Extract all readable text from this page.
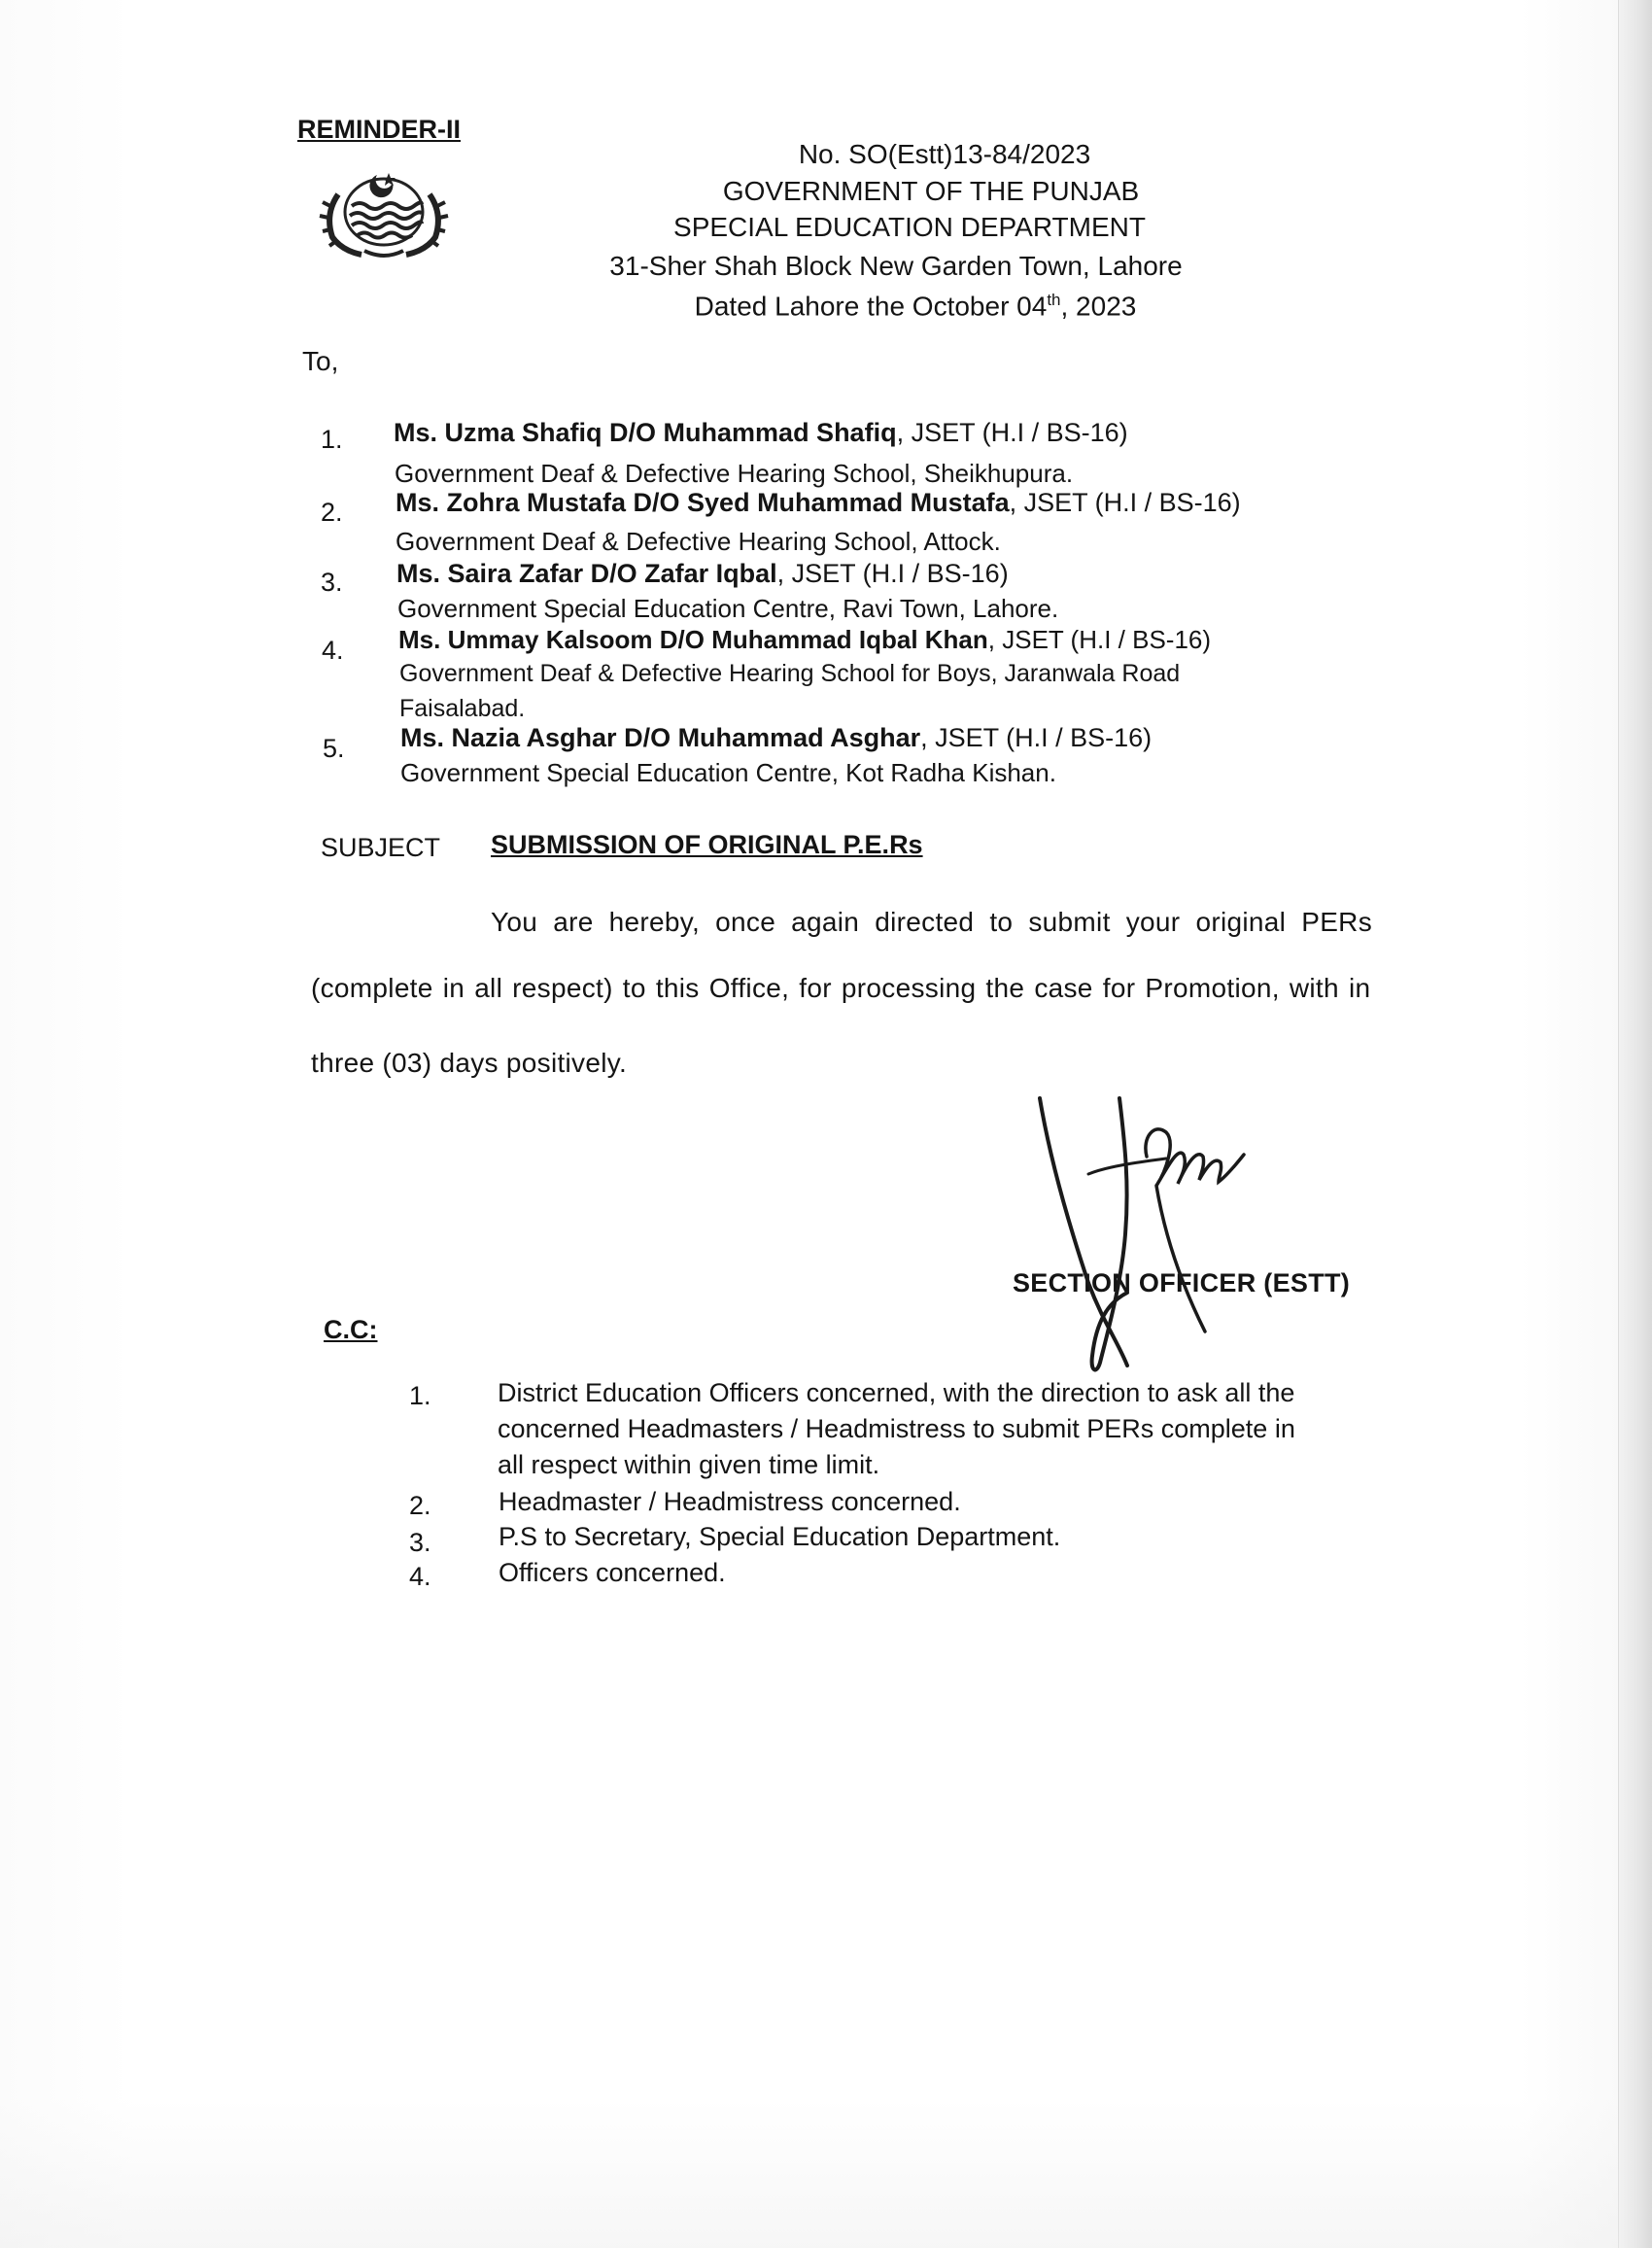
REMINDER-II
No. SO(Estt)13-84/2023
GOVERNMENT OF THE PUNJAB
SPECIAL EDUCATION DEPARTMENT
31-Sher Shah Block New Garden Town, Lahore
Dated Lahore the October 04th, 2023
To,
1. Ms. Uzma Shafiq D/O Muhammad Shafiq, JSET (H.I / BS-16)
Government Deaf & Defective Hearing School, Sheikhupura.
2. Ms. Zohra Mustafa D/O Syed Muhammad Mustafa, JSET (H.I / BS-16)
Government Deaf & Defective Hearing School, Attock.
3. Ms. Saira Zafar D/O Zafar Iqbal, JSET (H.I / BS-16)
Government Special Education Centre, Ravi Town, Lahore.
4. Ms. Ummay Kalsoom D/O Muhammad Iqbal Khan, JSET (H.I / BS-16)
Government Deaf & Defective Hearing School for Boys, Jaranwala Road
Faisalabad.
5. Ms. Nazia Asghar D/O Muhammad Asghar, JSET (H.I / BS-16)
Government Special Education Centre, Kot Radha Kishan.
SUBJECT SUBMISSION OF ORIGINAL P.E.Rs
You are hereby, once again directed to submit your original PERs
(complete in all respect) to this Office, for processing the case for Promotion, with in
three (03) days positively.
SECTION OFFICER (ESTT)
C.C:
1.	District Education Officers concerned, with the direction to ask all the
concerned Headmasters / Headmistress to submit PERs complete in
all respect within given time limit.
2.	Headmaster / Headmistress concerned.
3.	P.S to Secretary, Special Education Department.
4.	Officers concerned.
